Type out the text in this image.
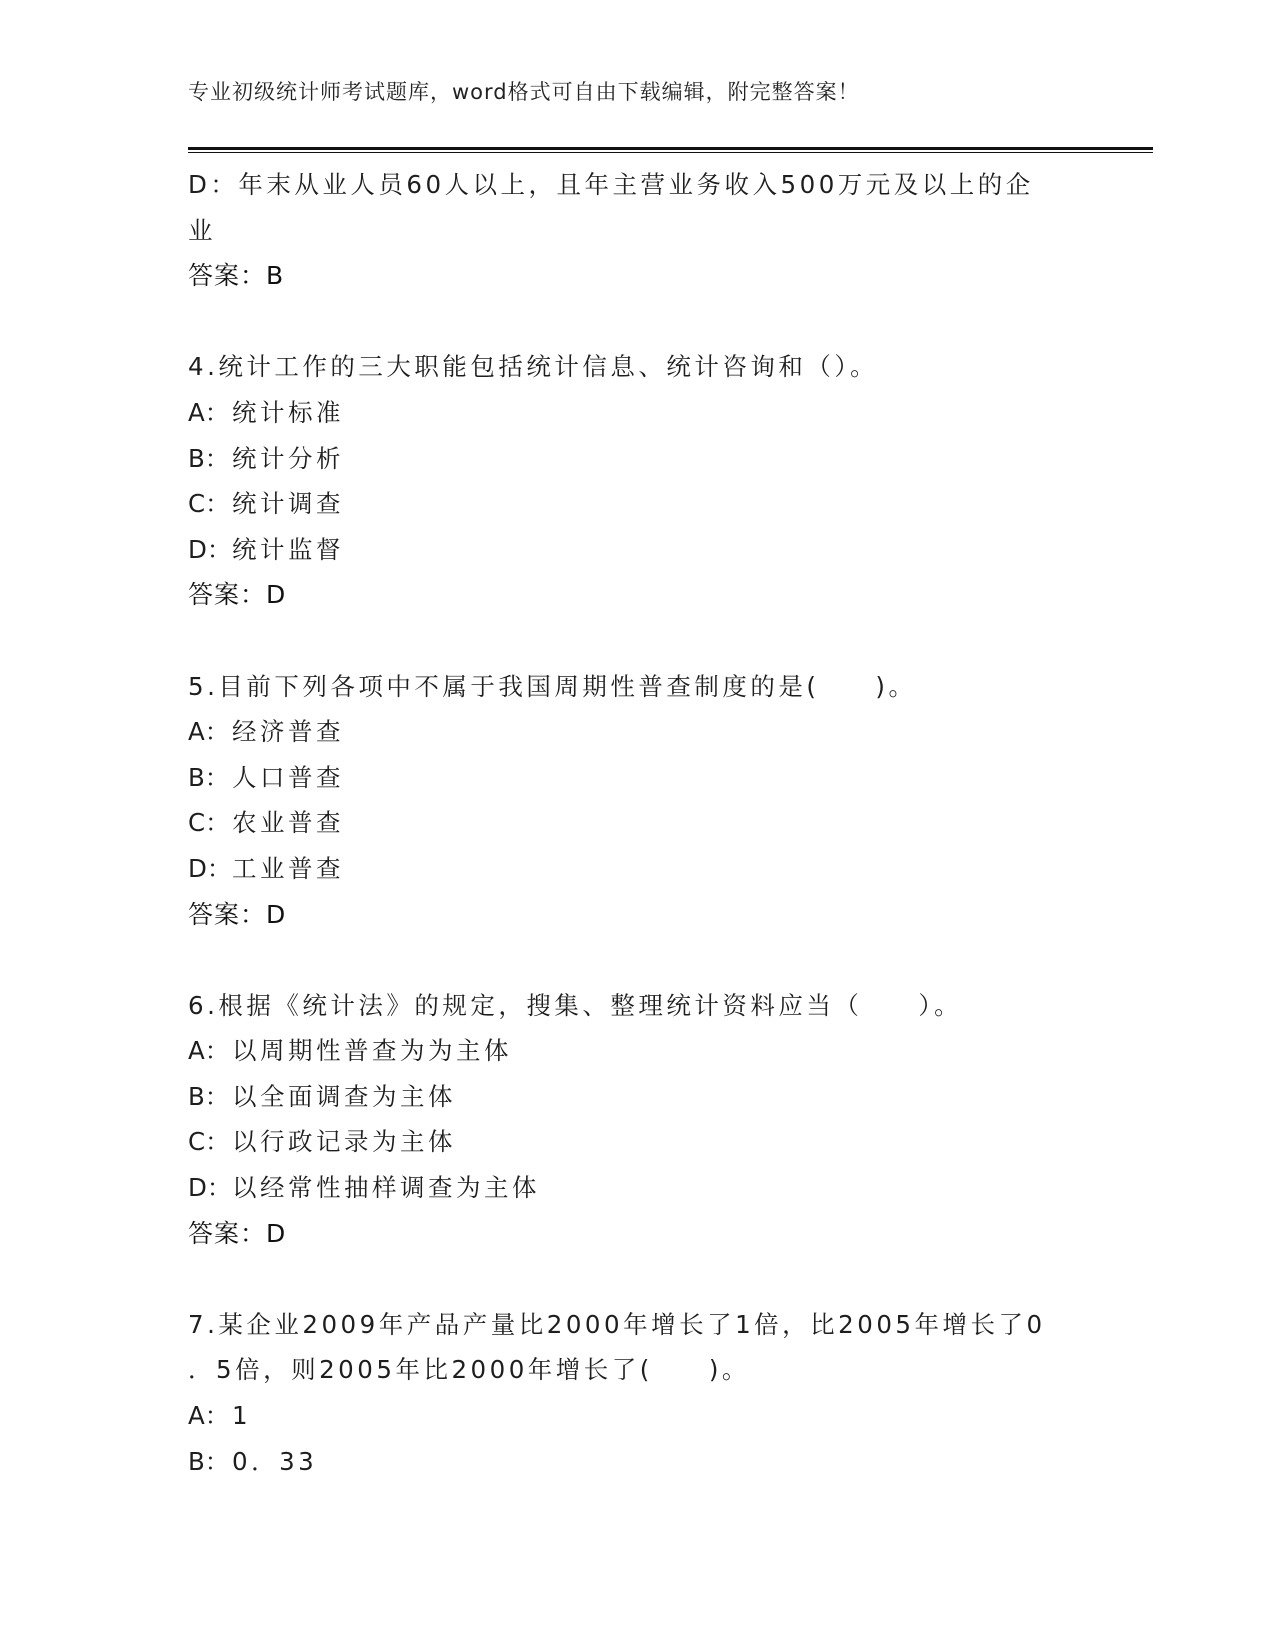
专业初级统计师考试题库，word格式可自由下载编辑，附完整答案！
D：年末从业人员60人以上，且年主营业务收入500万元及以上的企
业
答案：B
4.统计工作的三大职能包括统计信息、统计咨询和（）。
A： 统计标准
B： 统计分析
C：统计调查
D：统计监督
答案：D
5.目前下列各项中不属于我国周期性普查制度的是(　　)。
A： 经济普查
B： 人口普查
C：农业普查
D：工业普查
答案：D
6.根据《统计法》的规定，搜集、整理统计资料应当（　　）。
A： 以周期性普查为为主体
B： 以全面调查为主体
C：以行政记录为主体
D：以经常性抽样调查为主体
答案：D
7.某企业2009年产品产量比2000年增长了1倍，比2005年增长了0
．5倍，则2005年比2000年增长了(　　)。
A： 1
B： 0．33
